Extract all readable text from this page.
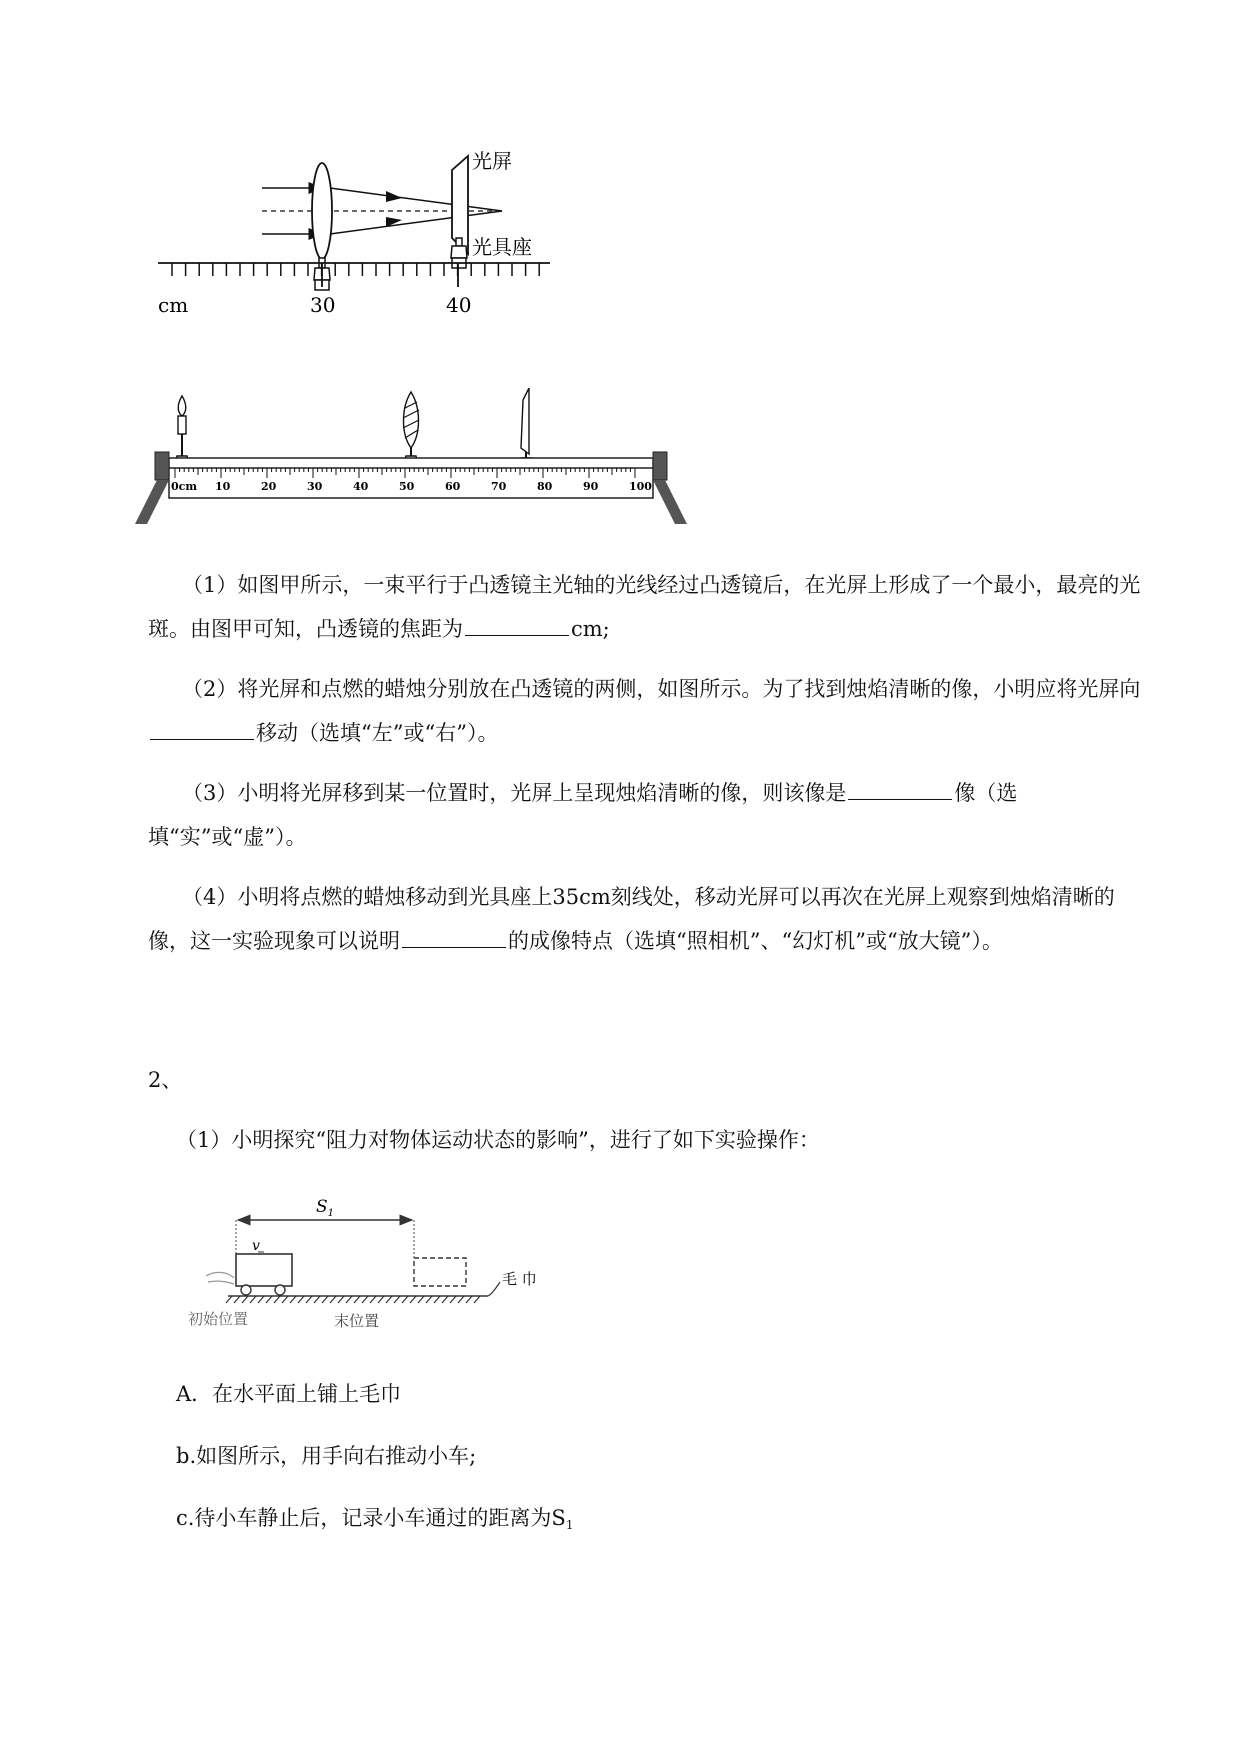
光屏
光具座
cm	30	40
0cm 10	20	30	40	50	60	70	80	90	100

（1）如图甲所示，一束平行于凸透镜主光轴的光线经过凸透镜后，在光屏上形成了一个最小，最亮的光斑。由图甲可知，凸透镜的焦距为	cm;

（2）将光屏和点燃的蜡烛分别放在凸透镜的两侧，如图所示。为了找到烛焰清晰的像，小明应将光屏向移动（选填“左”或“右”）。

（3）小明将光屏移到某一位置时，光屏上呈现烛焰清晰的像，则该像是	像（选填“实”或“虚”）。

（4）小明将点燃的蜡烛移动到光具座上35cm刻线处，移动光屏可以再次在光屏上观察到烛焰清晰的像，这一实验现象可以说明	的成像特点（选填“照相机”、“幻灯机”或“放大镜”）。

2、
（1）小明探究“阻力对物体运动状态的影响”，进行了如下实验操作：
$S_1$
v
毛 巾
初始位置	末位置
A．在水平面上铺上毛巾
b.如图所示，用手向右推动小车;
c.待小车静止后，记录小车通过的距离为$S_1$
